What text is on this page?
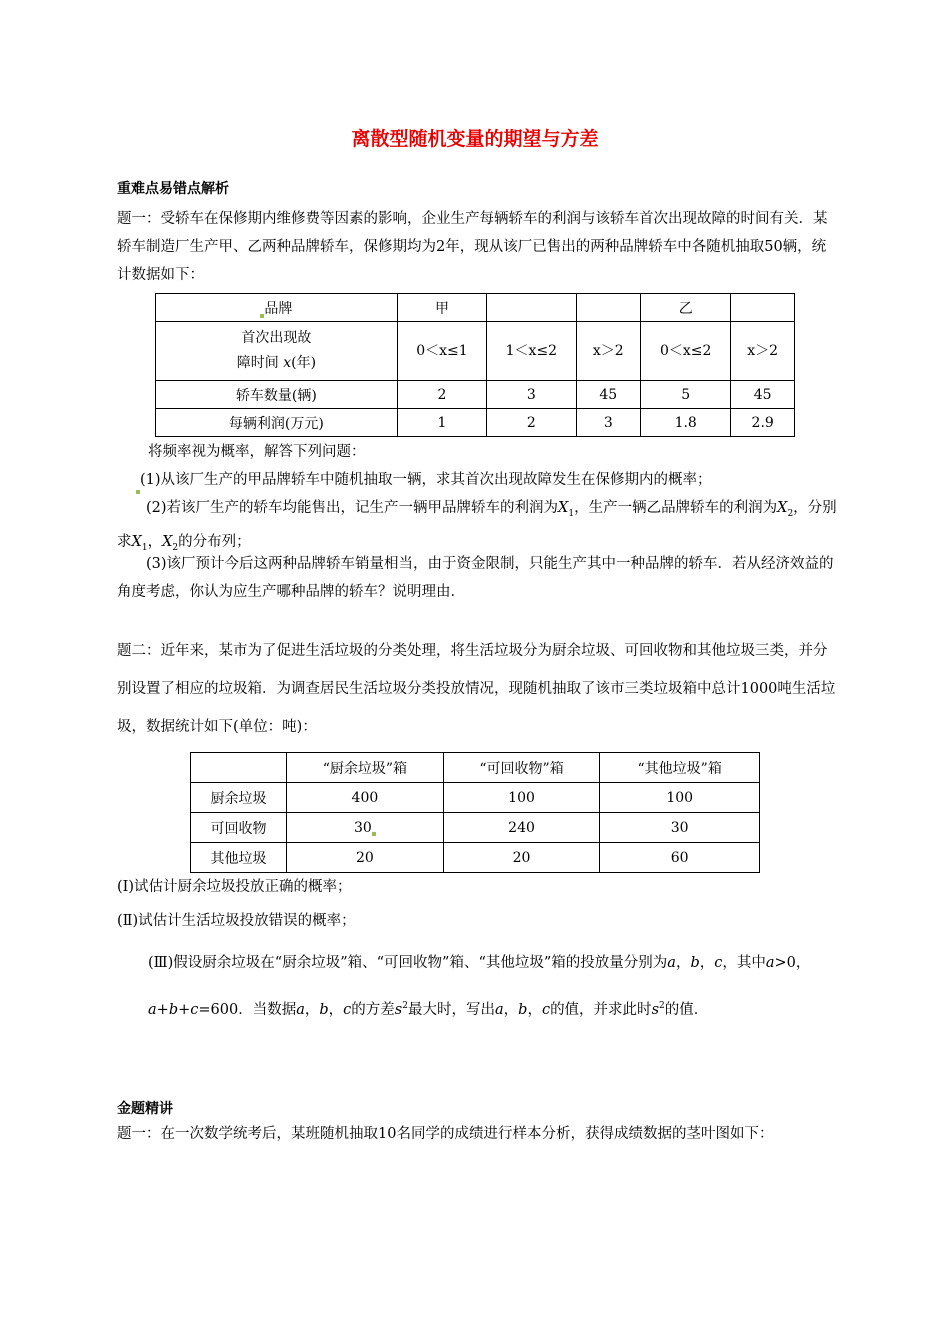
离散型随机变量的期望与方差
重难点易错点解析

题一：受轿车在保修期内维修费等因素的影响，企业生产每辆轿车的利润与该轿车首次出现故障的时间有关．某轿车制造厂生产甲、乙两种品牌轿车，保修期均为2年，现从该厂已售出的两种品牌轿车中各随机抽取50辆，统计数据如下：

品牌	甲			乙	
首次出现故
障时间 x(年)	0＜x≤1	1＜x≤2	x＞2	0＜x≤2	x＞2
轿车数量(辆)	2	3	45	5	45
每辆利润(万元)	1	2	3	1.8	2.9

将频率视为概率，解答下列问题：

(1)从该厂生产的甲品牌轿车中随机抽取一辆，求其首次出现故障发生在保修期内的概率；

(2)若该厂生产的轿车均能售出，记生产一辆甲品牌轿车的利润为$X_1$，生产一辆乙品牌轿车的利润为$X_2$，分别求$X_1$，$X_2$的分布列；

(3)该厂预计今后这两种品牌轿车销量相当，由于资金限制，只能生产其中一种品牌的轿车．若从经济效益的角度考虑，你认为应生产哪种品牌的轿车？说明理由．

题二：近年来，某市为了促进生活垃圾的分类处理，将生活垃圾分为厨余垃圾、可回收物和其他垃圾三类，并分别设置了相应的垃圾箱．为调查居民生活垃圾分类投放情况，现随机抽取了该市三类垃圾箱中总计1000吨生活垃圾，数据统计如下(单位：吨)：

	“厨余垃圾”箱	“可回收物”箱	“其他垃圾”箱
厨余垃圾	400	100	100
可回收物	30	240	30
其他垃圾	20	20	60

(Ⅰ)试估计厨余垃圾投放正确的概率；

(Ⅱ)试估计生活垃圾投放错误的概率；

(Ⅲ)假设厨余垃圾在“厨余垃圾”箱、“可回收物”箱、“其他垃圾”箱的投放量分别为a，b，c，其中a>0，a+b+c=600．当数据a，b，c的方差$s^2$最大时，写出a，b，c的值，并求此时$s^2$的值．

金题精讲

题一：在一次数学统考后，某班随机抽取10名同学的成绩进行样本分析，获得成绩数据的茎叶图如下：
